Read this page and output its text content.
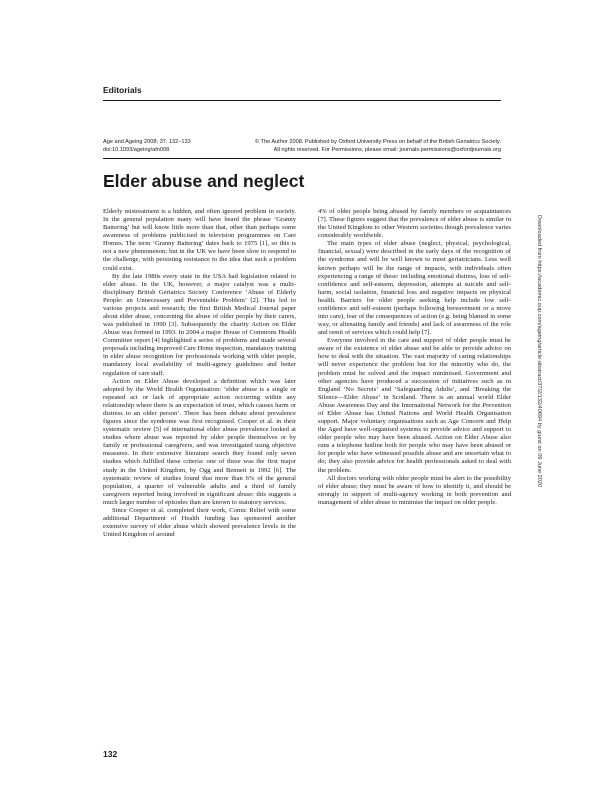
Editorials
Age and Ageing 2008; 37: 132–133
doi:10.1093/ageing/afn008
© The Author 2008. Published by Oxford University Press on behalf of the British Geriatrics Society.
All rights reserved. For Permissions, please email: journals.permissions@oxfordjournals.org
Elder abuse and neglect

Elderly mistreatment is a hidden, and often ignored problem in society. In the general population many will have heard the phrase ‘Granny Battering’ but will know little more than that, other than perhaps some awareness of problems publicised in television programmes on Care Homes. The term ‘Granny Battering’ dates back to 1975 [1], so this is not a new phenomenon; but in the UK we have been slow to respond to the challenge, with persisting resistance to the idea that such a problem could exist.

By the late 1980s every state in the USA had legislation related to elder abuse. In the UK, however, a major catalyst was a multi-disciplinary British Geriatrics Society Conference ‘Abuse of Elderly People: an Unnecessary and Preventable Problem’ [2]. This led to various projects and research; the first British Medical Journal paper about elder abuse, concerning the abuse of older people by their carers, was published in 1990 [3]. Subsequently the charity Action on Elder Abuse was formed in 1993. In 2004 a major House of Commons Health Committee report [4] highlighted a series of problems and made several proposals including improved Care Home inspection, mandatory training in elder abuse recognition for professionals working with older people, mandatory local availability of multi-agency guidelines and better regulation of care staff.

Action on Elder Abuse developed a definition which was later adopted by the World Health Organisation: ‘elder abuse is a single or repeated act or lack of appropriate action occurring within any relationship where there is an expectation of trust, which causes harm or distress to an older person’. There has been debate about prevalence figures since the syndrome was first recognised. Cooper et al. in their systematic review [5] of international elder abuse prevalence looked at studies where abuse was reported by older people themselves or by family or professional caregivers, and was investigated using objective measures. In their extensive literature search they found only seven studies which fulfilled these criteria: one of these was the first major study in the United Kingdom, by Ogg and Bennett in 1992 [6]. The systematic review of studies found that more than 6% of the general population, a quarter of vulnerable adults and a third of family caregivers reported being involved in significant abuse: this suggests a much larger number of episodes than are known to statutory services.

Since Cooper et al. completed their work, Comic Relief with some additional Department of Health funding has sponsored another extensive survey of elder abuse which showed prevalence levels in the United Kingdom of around

4% of older people being abused by family members or acquaintances [7]. These figures suggest that the prevalence of elder abuse is similar in the United Kingdom to other Western societies though prevalence varies considerably worldwide.

The main types of elder abuse (neglect, physical, psychological, financial, sexual) were described in the early days of the recognition of the syndrome and will be well known to most geriatricians. Less well known perhaps will be the range of impacts, with individuals often experiencing a range of these: including emotional distress, loss of self-confidence and self-esteem, depression, attempts at suicide and self-harm, social isolation, financial loss and negative impacts on physical health. Barriers for older people seeking help include low self-confidence and self-esteem (perhaps following bereavement or a move into care), fear of the consequences of action (e.g. being blamed in some way, or alienating family and friends) and lack of awareness of the role and remit of services which could help [7].

Everyone involved in the care and support of older people must be aware of the existence of elder abuse and be able to provide advice on how to deal with the situation. The vast majority of caring relationships will never experience the problem but for the minority who do, the problem must be solved and the impact minimised. Government and other agencies have produced a succession of initiatives such as in England ‘No Secrets’ and ‘Safeguarding Adults’, and ‘Breaking the Silence—Elder Abuse’ in Scotland. There is an annual world Elder Abuse Awareness Day and the International Network for the Prevention of Elder Abuse has United Nations and World Health Organisation support. Major voluntary organisations such as Age Concern and Help the Aged have well-organised systems to provide advice and support to older people who may have been abused. Action on Elder Abuse also runs a telephone hotline both for people who may have been abused or for people who have witnessed possible abuse and are uncertain what to do; they also provide advice for health professionals asked to deal with the problem.

All doctors working with older people must be alert to the possibility of elder abuse; they must be aware of how to identify it, and should be strongly in support of multi-agency working in both prevention and management of elder abuse to minimise the impact on older people.

132
Downloaded from https://academic.oup.com/ageing/article-abstract/37/2/132/40694 by guest on 09 June 2020
